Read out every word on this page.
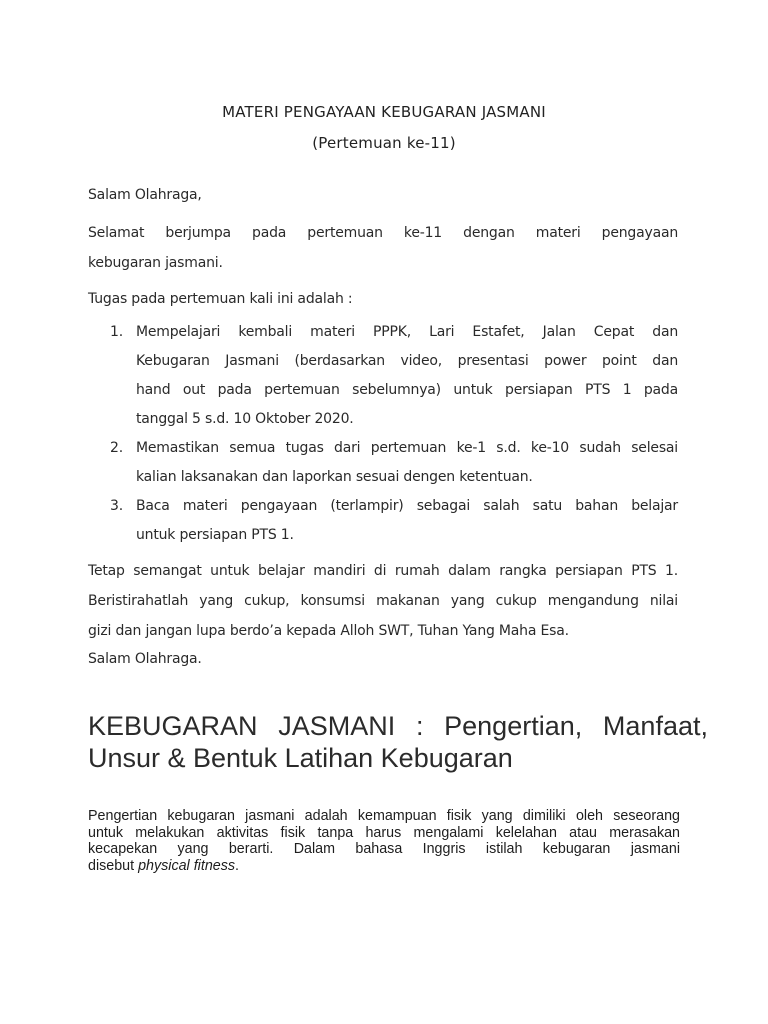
MATERI PENGAYAAN KEBUGARAN JASMANI
(Pertemuan ke-11)
Salam Olahraga,
Selamat berjumpa pada pertemuan ke-11 dengan materi pengayaan
kebugaran jasmani.
Tugas pada pertemuan kali ini adalah :
1. Mempelajari kembali materi PPPK, Lari Estafet, Jalan Cepat dan
Kebugaran Jasmani (berdasarkan video, presentasi power point dan
hand out pada pertemuan sebelumnya) untuk persiapan PTS 1 pada
tanggal 5 s.d. 10 Oktober 2020.
2. Memastikan semua tugas dari pertemuan ke-1 s.d. ke-10 sudah selesai
kalian laksanakan dan laporkan sesuai dengen ketentuan.
3. Baca materi pengayaan (terlampir) sebagai salah satu bahan belajar
untuk persiapan PTS 1.
Tetap semangat untuk belajar mandiri di rumah dalam rangka persiapan PTS 1.
Beristirahatlah yang cukup, konsumsi makanan yang cukup mengandung nilai
gizi dan jangan lupa berdo’a kepada Alloh SWT, Tuhan Yang Maha Esa.
Salam Olahraga.
KEBUGARAN JASMANI : Pengertian, Manfaat,
Unsur & Bentuk Latihan Kebugaran
Pengertian kebugaran jasmani adalah kemampuan fisik yang dimiliki oleh seseorang
untuk melakukan aktivitas fisik tanpa harus mengalami kelelahan atau merasakan
kecapekan yang berarti. Dalam bahasa Inggris istilah kebugaran jasmani
disebut physical fitness.
